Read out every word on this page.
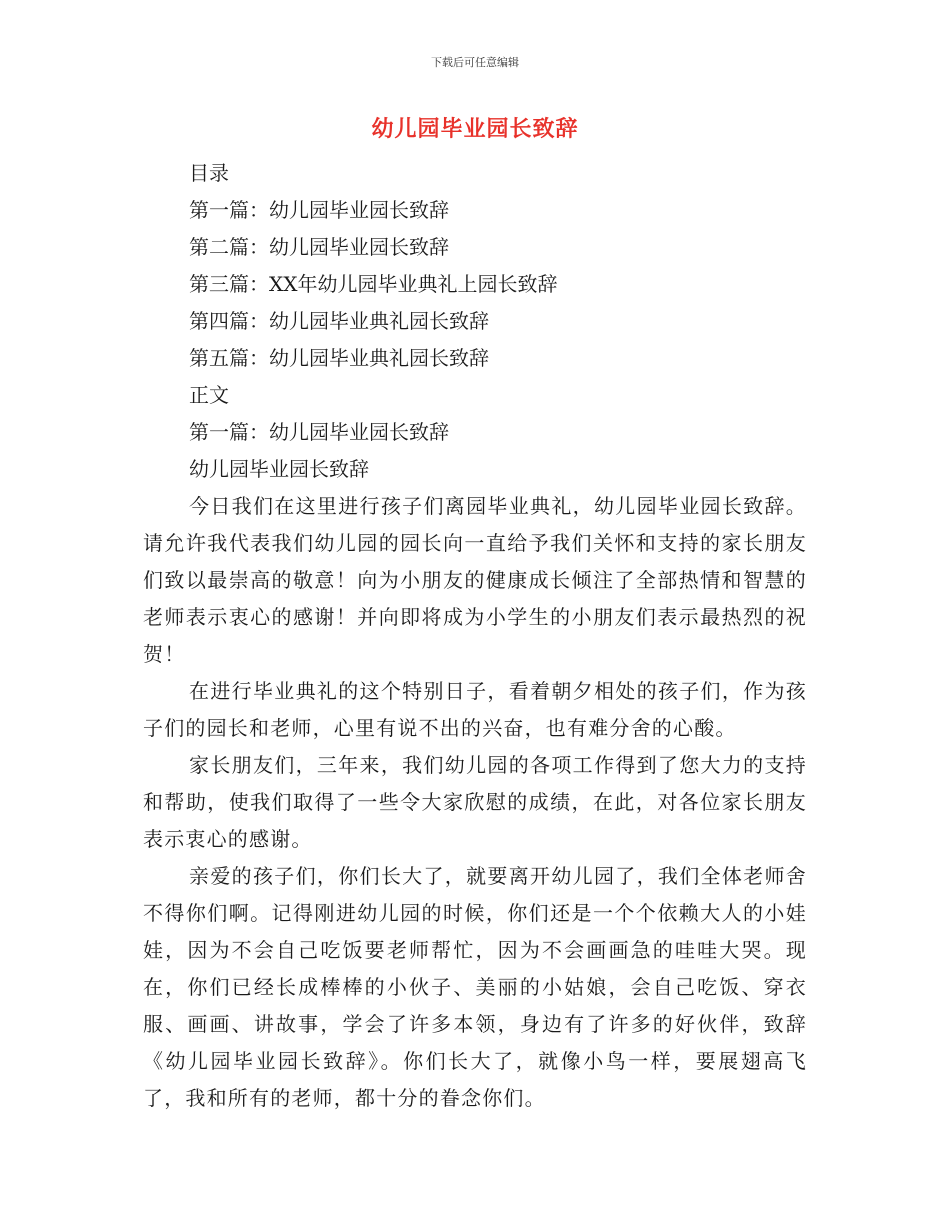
下载后可任意编辑
幼儿园毕业园长致辞

目录

第一篇：幼儿园毕业园长致辞

第二篇：幼儿园毕业园长致辞

第三篇：XX年幼儿园毕业典礼上园长致辞

第四篇：幼儿园毕业典礼园长致辞

第五篇：幼儿园毕业典礼园长致辞

正文

第一篇：幼儿园毕业园长致辞

幼儿园毕业园长致辞

今日我们在这里进行孩子们离园毕业典礼，幼儿园毕业园长致辞。请允许我代表我们幼儿园的园长向一直给予我们关怀和支持的家长朋友们致以最崇高的敬意！向为小朋友的健康成长倾注了全部热情和智慧的老师表示衷心的感谢！并向即将成为小学生的小朋友们表示最热烈的祝贺！

在进行毕业典礼的这个特别日子，看着朝夕相处的孩子们，作为孩子们的园长和老师，心里有说不出的兴奋，也有难分舍的心酸。

家长朋友们，三年来，我们幼儿园的各项工作得到了您大力的支持和帮助，使我们取得了一些令大家欣慰的成绩，在此，对各位家长朋友表示衷心的感谢。

亲爱的孩子们，你们长大了，就要离开幼儿园了，我们全体老师舍不得你们啊。记得刚进幼儿园的时候，你们还是一个个依赖大人的小娃娃，因为不会自己吃饭要老师帮忙，因为不会画画急的哇哇大哭。现在，你们已经长成棒棒的小伙子、美丽的小姑娘，会自己吃饭、穿衣服、画画、讲故事，学会了许多本领，身边有了许多的好伙伴，致辞《幼儿园毕业园长致辞》。你们长大了，就像小鸟一样，要展翅高飞了，我和所有的老师，都十分的眷念你们。
